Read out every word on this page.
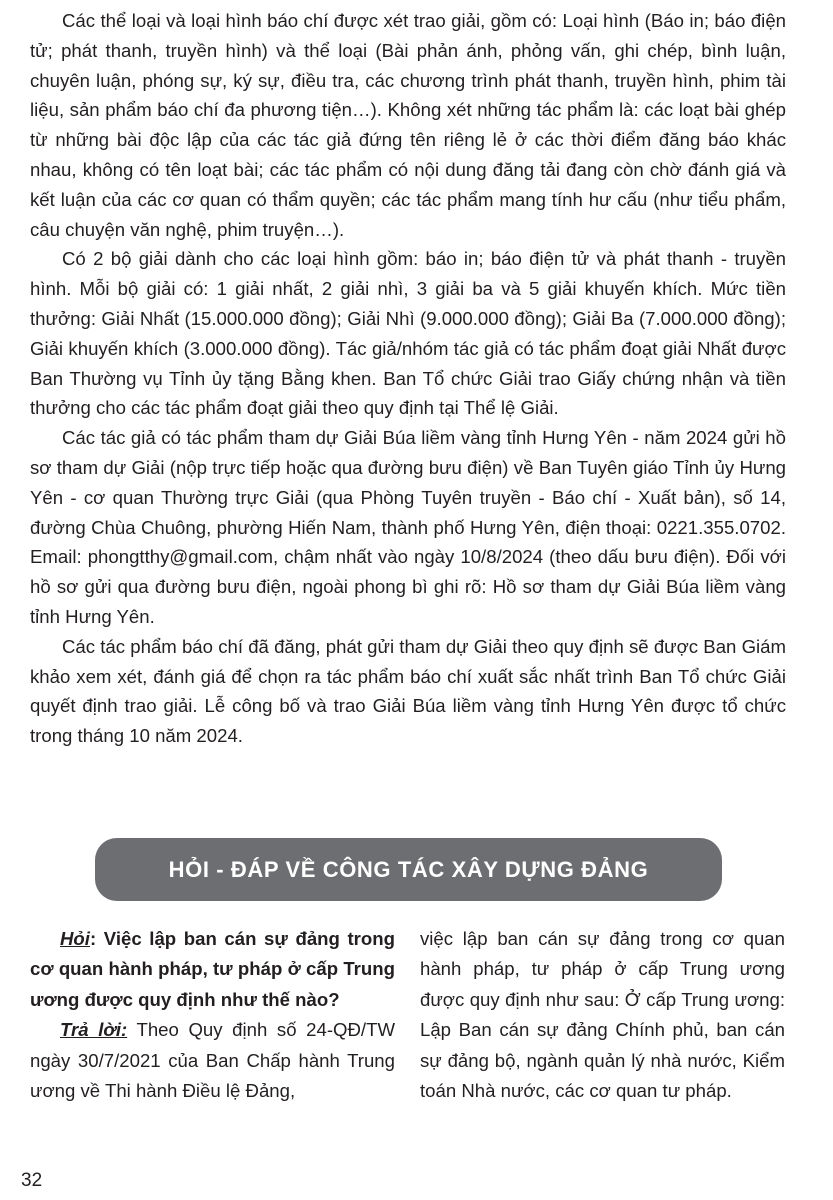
Các thể loại và loại hình báo chí được xét trao giải, gồm có: Loại hình (Báo in; báo điện tử; phát thanh, truyền hình) và thể loại (Bài phản ánh, phỏng vấn, ghi chép, bình luận, chuyên luận, phóng sự, ký sự, điều tra, các chương trình phát thanh, truyền hình, phim tài liệu, sản phẩm báo chí đa phương tiện…). Không xét những tác phẩm là: các loạt bài ghép từ những bài độc lập của các tác giả đứng tên riêng lẻ ở các thời điểm đăng báo khác nhau, không có tên loạt bài; các tác phẩm có nội dung đăng tải đang còn chờ đánh giá và kết luận của các cơ quan có thẩm quyền; các tác phẩm mang tính hư cấu (như tiểu phẩm, câu chuyện văn nghệ, phim truyện…).

Có 2 bộ giải dành cho các loại hình gồm: báo in; báo điện tử và phát thanh - truyền hình. Mỗi bộ giải có: 1 giải nhất, 2 giải nhì, 3 giải ba và 5 giải khuyến khích. Mức tiền thưởng: Giải Nhất (15.000.000 đồng); Giải Nhì (9.000.000 đồng); Giải Ba (7.000.000 đồng); Giải khuyến khích (3.000.000 đồng). Tác giả/nhóm tác giả có tác phẩm đoạt giải Nhất được Ban Thường vụ Tỉnh ủy tặng Bằng khen. Ban Tổ chức Giải trao Giấy chứng nhận và tiền thưởng cho các tác phẩm đoạt giải theo quy định tại Thể lệ Giải.

Các tác giả có tác phẩm tham dự Giải Búa liềm vàng tỉnh Hưng Yên - năm 2024 gửi hồ sơ tham dự Giải (nộp trực tiếp hoặc qua đường bưu điện) về Ban Tuyên giáo Tỉnh ủy Hưng Yên - cơ quan Thường trực Giải (qua Phòng Tuyên truyền - Báo chí - Xuất bản), số 14, đường Chùa Chuông, phường Hiến Nam, thành phố Hưng Yên, điện thoại: 0221.355.0702. Email: phongtthy@gmail.com, chậm nhất vào ngày 10/8/2024 (theo dấu bưu điện). Đối với hồ sơ gửi qua đường bưu điện, ngoài phong bì ghi rõ: Hồ sơ tham dự Giải Búa liềm vàng tỉnh Hưng Yên.

Các tác phẩm báo chí đã đăng, phát gửi tham dự Giải theo quy định sẽ được Ban Giám khảo xem xét, đánh giá để chọn ra tác phẩm báo chí xuất sắc nhất trình Ban Tổ chức Giải quyết định trao giải. Lễ công bố và trao Giải Búa liềm vàng tỉnh Hưng Yên được tổ chức trong tháng 10 năm 2024.

HỎI - ĐÁP VỀ CÔNG TÁC XÂY DỰNG ĐẢNG

Hỏi: Việc lập ban cán sự đảng trong cơ quan hành pháp, tư pháp ở cấp Trung ương được quy định như thế nào?

Trả lời: Theo Quy định số 24-QĐ/TW ngày 30/7/2021 của Ban Chấp hành Trung ương về Thi hành Điều lệ Đảng,

việc lập ban cán sự đảng trong cơ quan hành pháp, tư pháp ở cấp Trung ương được quy định như sau: Ở cấp Trung ương: Lập Ban cán sự đảng Chính phủ, ban cán sự đảng bộ, ngành quản lý nhà nước, Kiểm toán Nhà nước, các cơ quan tư pháp.

32
